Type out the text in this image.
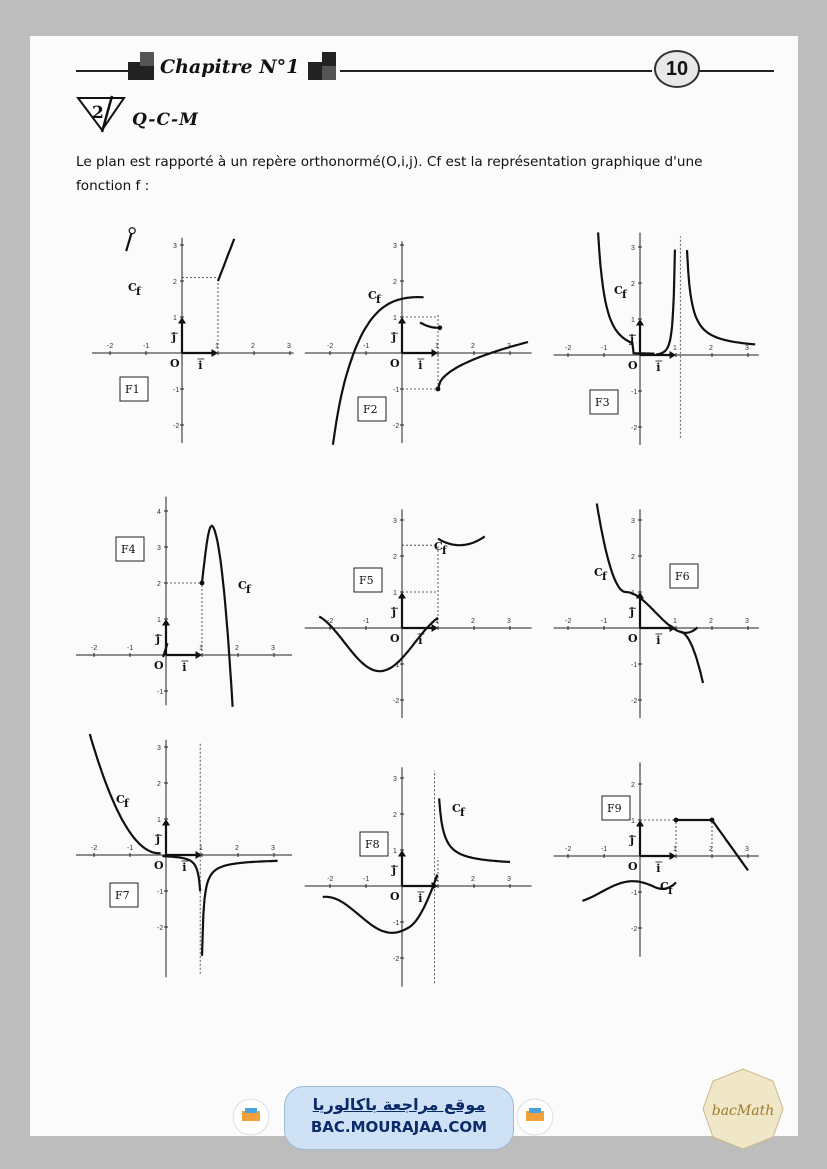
Chapitre N°1	10
2 Q-C-M
Le plan est rapporté à un repère orthonormé(O,i,j). Cf est la représentation graphique d'une
fonction f :
-2	-1	1	2	3
3
2
1
-1
-2
O i
j
F1
C f
-2	-1	1	2	3
3
2
1
-1
-2
O i
j
F2
C f
-2	-1	1	2	3
3
2
1
-1
-2
O i
j
F3
C f
-2	-1	1	2	3
4
3
2
1
-1
O i
j
F4
C f
-2	-1	1	2	3
3
2
1
-1
-2
O i
j
F5
C f
-2	-1	1	2	3
3
2
1
-1
-2
O i
j
F6
C f
-2	-1	1	2	3
3
2
1
-1
-2
O i
j
F7
C f
-2	-1	1	2	3
3
2
1
-1
-2
O i
j
F8
C f
-2	-1	1	2	3
2
1
-1
-2
O i
j
F9
C f
موقع مراجعة باكالوريا
BAC.MOURAJAA.COM
bacMath
